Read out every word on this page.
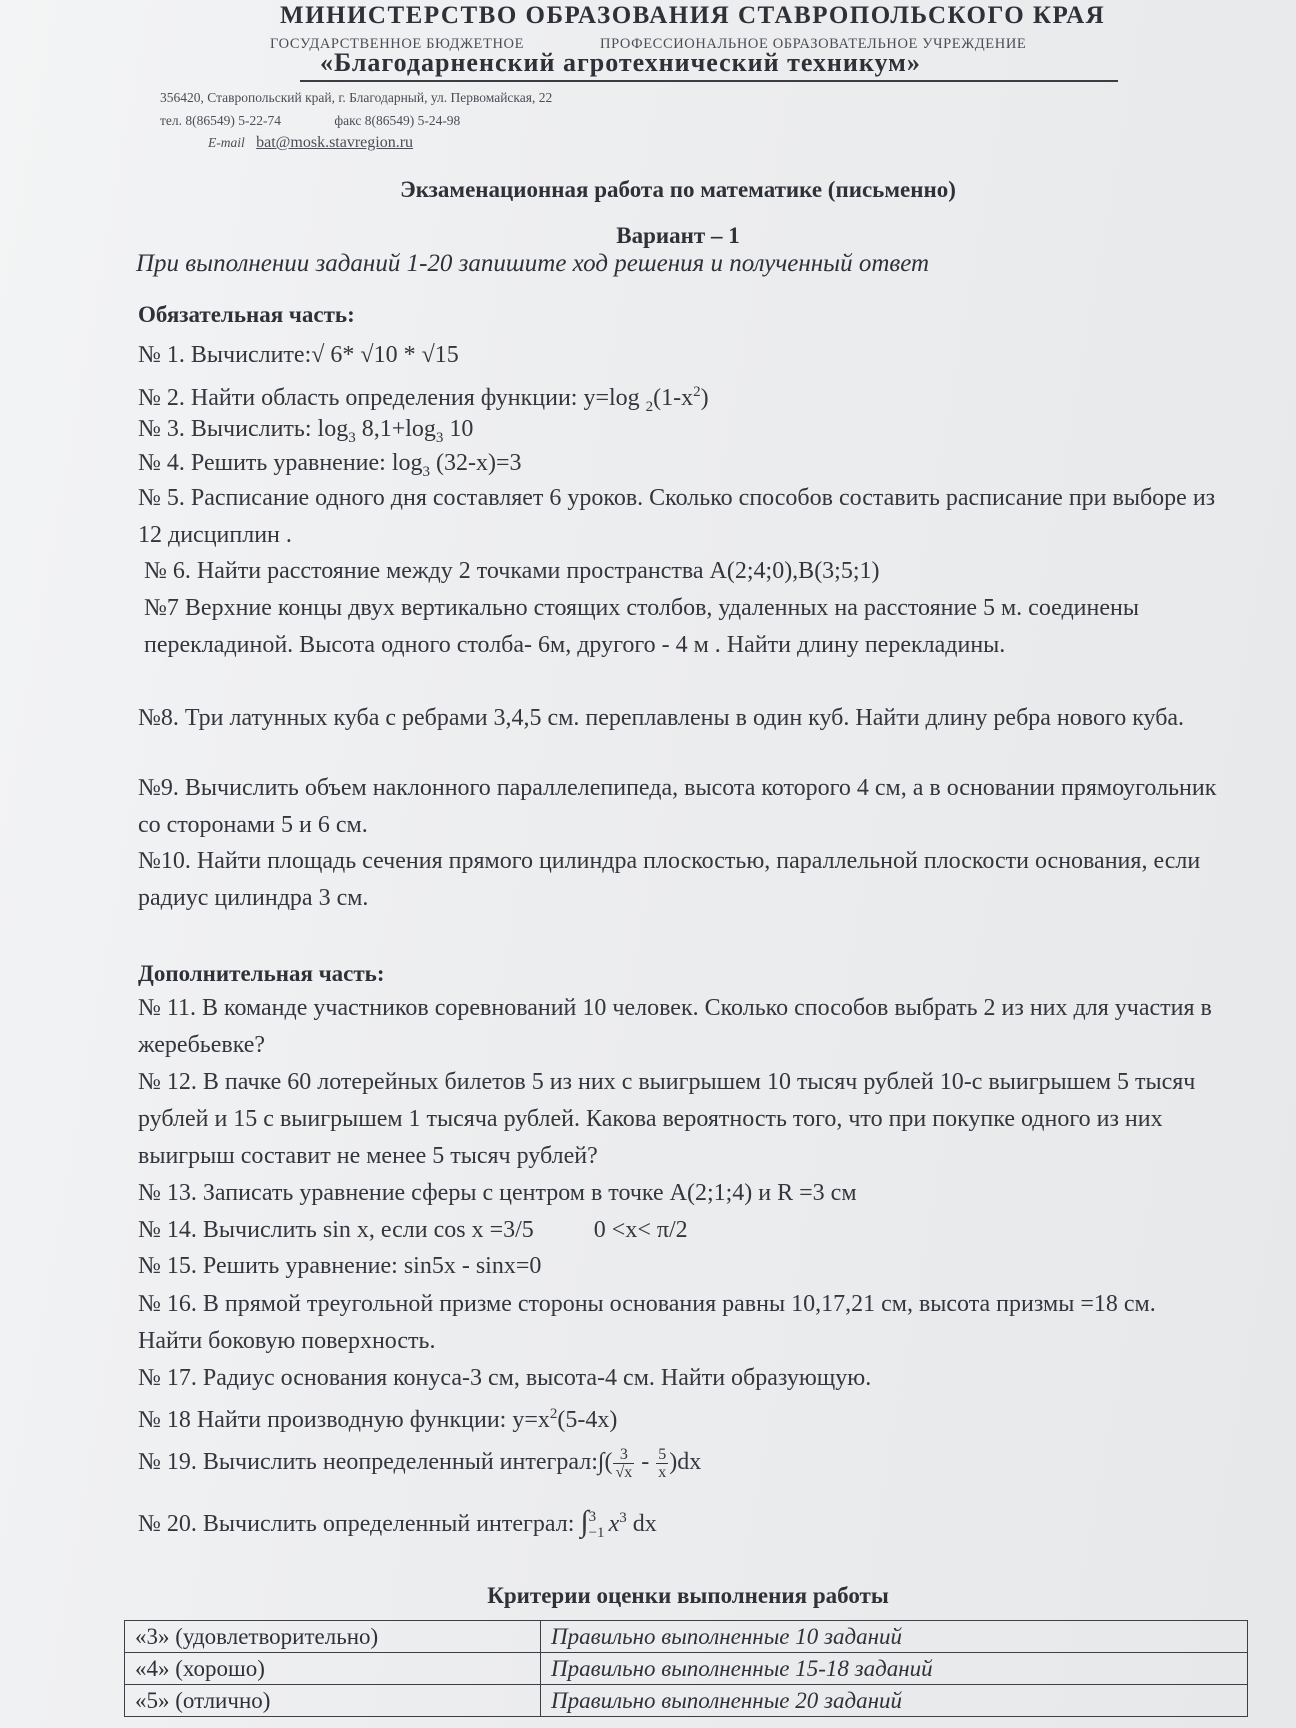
МИНИСТЕРСТВО ОБРАЗОВАНИЯ СТАВРОПОЛЬСКОГО КРАЯ
ГОСУДАРСТВЕННОЕ БЮДЖЕТНОЕ	ПРОФЕССИОНАЛЬНОЕ ОБРАЗОВАТЕЛЬНОЕ УЧРЕЖДЕНИЕ
«Благодарненский агротехнический техникум»
356420, Ставропольский край, г. Благодарный, ул. Первомайская, 22
тел. 8(86549) 5-22-74	факс 8(86549) 5-24-98
E-mail bat@mosk.stavregion.ru
Экзаменационная работа по математике (письменно)
Вариант – 1
При выполнении заданий 1-20 запишите ход решения и полученный ответ
Обязательная часть:
№ 1. Вычислите:√ 6* √10 * √15
№ 2. Найти область определения функции: y=log $_2(1-x^2)$
№ 3. Вычислить: $\log_3 8,1+\log_3$ 10
№ 4. Решить уравнение: $\log_3 (32-x)=3$
№ 5. Расписание одного дня составляет 6 уроков. Сколько способов составить расписание при выборе из 12 дисциплин .
№ 6. Найти расстояние между 2 точками пространства A(2;4;0),B(3;5;1)
№7 Верхние концы двух вертикально стоящих столбов, удаленных на расстояние 5 м. соединены перекладиной. Высота одного столба- 6м, другого - 4 м . Найти длину перекладины.
№8. Три латунных куба с ребрами 3,4,5 см. переплавлены в один куб. Найти длину ребра нового куба.
№9. Вычислить объем наклонного параллелепипеда, высота которого 4 см, а в основании прямоугольник со сторонами 5 и 6 см.
№10. Найти площадь сечения прямого цилиндра плоскостью, параллельной плоскости основания, если радиус цилиндра 3 см.
Дополнительная часть:
№ 11. В команде участников соревнований 10 человек. Сколько способов выбрать 2 из них для участия в жеребьевке?
№ 12. В пачке 60 лотерейных билетов 5 из них с выигрышем 10 тысяч рублей 10-с выигрышем 5 тысяч рублей и 15 с выигрышем 1 тысяча рублей. Какова вероятность того, что при покупке одного из них выигрыш составит не менее 5 тысяч рублей?
№ 13. Записать уравнение сферы с центром в точке A(2;1;4) и R =3 см
№ 14. Вычислить sin x, если cos x =3/5	0 <x< π/2
№ 15. Решить уравнение: sin5x - sinx=0
№ 16. В прямой треугольной призме стороны основания равны 10,17,21 см, высота призмы =18 см. Найти боковую поверхность.
№ 17. Радиус основания конуса-3 см, высота-4 см. Найти образующую.
№ 18 Найти производную функции: $y=x^2(5-4x)$
№ 19. Вычислить неопределенный интеграл:∫( $\frac{3}{√x} - \frac{5}{x} )dx$
№ 20. Вычислить определенный интеграл: ∫ 3
−1 $x^3$ dx
Критерии оценки выполнения работы
«3» (удовлетворительно)	Правильно выполненные 10 заданий
«4» (хорошо)	Правильно выполненные 15-18 заданий
«5» (отлично)	Правильно выполненные 20 заданий
